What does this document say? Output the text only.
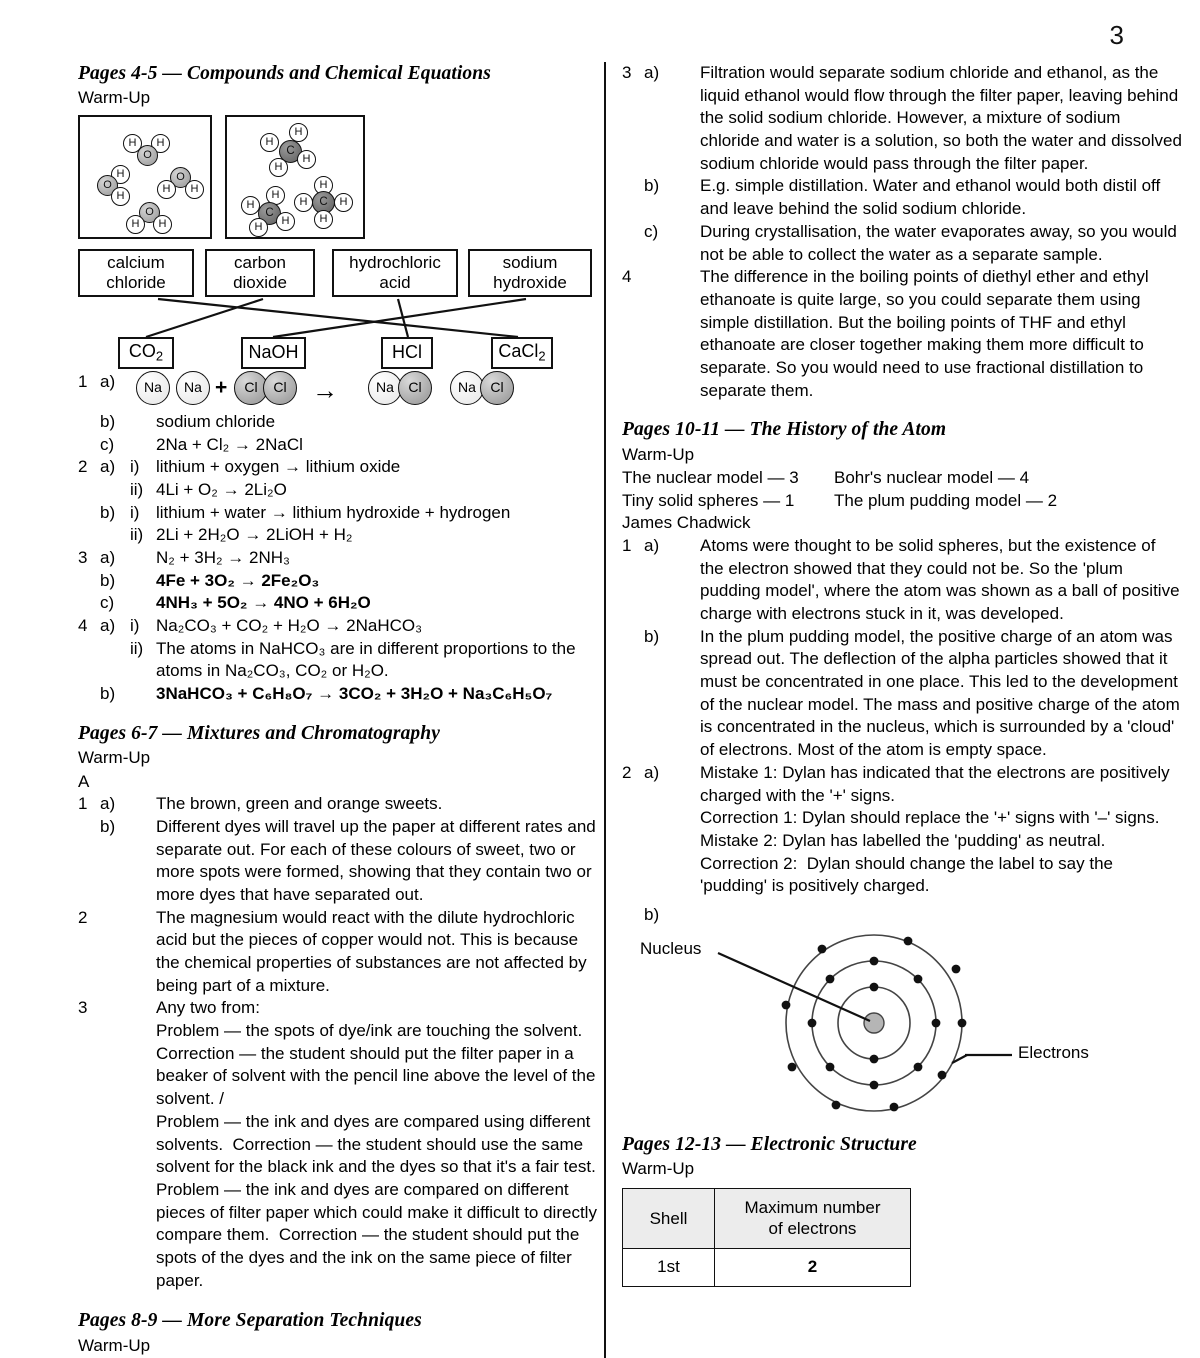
3
Pages 4-5 — Compounds and Chemical Equations
Warm-Up
H	H
O
H
O
H
O
H	H
O
H	H
H
H
C
H
H
H
H
C
H
H
H
H	C	H
H
calcium
chloride
carbon
dioxide
hydrochloric
acid
sodium
hydroxide
$CO_2$	NaOH	HCl	CaCl$_2$
1 a)	Na	Na +	Cl	Cl →	Na	Cl	Na	Cl
b)	sodium chloride
c)	2Na + Cl₂ → 2NaCl
2 a) i) lithium + oxygen → lithium oxide
ii) 4Li + O₂ → 2Li₂O
b) i) lithium + water → lithium hydroxide + hydrogen
ii) 2Li + 2H₂O → 2LiOH + H₂
3 a)	N₂ + 3H₂ → 2NH₃
b)	4Fe + 3O₂ → 2Fe₂O₃
c)	4NH₃ + 5O₂ → 4NO + 6H₂O
4 a) i) Na₂CO₃ + CO₂ + H₂O → 2NaHCO₃
ii) The atoms in NaHCO₃ are in different proportions to the atoms in Na₂CO₃, CO₂ or H₂O.
b)	3NaHCO₃ + C₆H₈O₇ → 3CO₂ + 3H₂O + Na₃C₆H₅O₇
Pages 6-7 — Mixtures and Chromatography
Warm-Up
A
1 a)	The brown, green and orange sweets.
b)	Different dyes will travel up the paper at different rates and separate out. For each of these colours of sweet, two or more spots were formed, showing that they contain two or more dyes that have separated out.
2	The magnesium would react with the dilute hydrochloric acid but the pieces of copper would not. This is because the chemical properties of substances are not affected by being part of a mixture.
3	Any two from:
Problem — the spots of dye/ink are touching the solvent.  Correction — the student should put the filter paper in a beaker of solvent with the pencil line above the level of the solvent. /
Problem — the ink and dyes are compared using different solvents.  Correction — the student should use the same solvent for the black ink and the dyes so that it's a fair test.
Problem — the ink and dyes are compared on different pieces of filter paper which could make it difficult to directly compare them.  Correction — the student should put the spots of the dyes and the ink on the same piece of filter paper.
Pages 8-9 — More Separation Techniques
Warm-Up
3 a)	Filtration would separate sodium chloride and ethanol, as the liquid ethanol would flow through the filter paper, leaving behind the solid sodium chloride. However, a mixture of sodium chloride and water is a solution, so both the water and dissolved sodium chloride would pass through the filter paper.
b)	E.g. simple distillation. Water and ethanol would both distil off and leave behind the solid sodium chloride.
c)	During crystallisation, the water evaporates away, so you would not be able to collect the water as a separate sample.
4	The difference in the boiling points of diethyl ether and ethyl ethanoate is quite large, so you could separate them using simple distillation. But the boiling points of THF and ethyl ethanoate are closer together making them more difficult to separate. So you would need to use fractional distillation to separate them.
Pages 10-11 — The History of the Atom
Warm-Up
The nuclear model — 3	Bohr's nuclear model — 4
Tiny solid spheres — 1	The plum pudding model — 2
James Chadwick
1 a)	Atoms were thought to be solid spheres, but the existence of the electron showed that they could not be. So the 'plum pudding model', where the atom was shown as a ball of positive charge with electrons stuck in it, was developed.
b)	In the plum pudding model, the positive charge of an atom was spread out. The deflection of the alpha particles showed that it must be concentrated in one place. This led to the development of the nuclear model. The mass and positive charge of the atom is concentrated in the nucleus, which is surrounded by a 'cloud' of electrons. Most of the atom is empty space.
2 a)	Mistake 1: Dylan has indicated that the electrons are positively charged with the '+' signs.
Correction 1: Dylan should replace the '+' signs with '–' signs.
Mistake 2: Dylan has labelled the 'pudding' as neutral.
Correction 2:  Dylan should change the label to say the 'pudding' is positively charged.
b)
Nucleus
Electrons
Pages 12-13 — Electronic Structure
Warm-Up
Shell	Maximum number
of electrons
1st	2
